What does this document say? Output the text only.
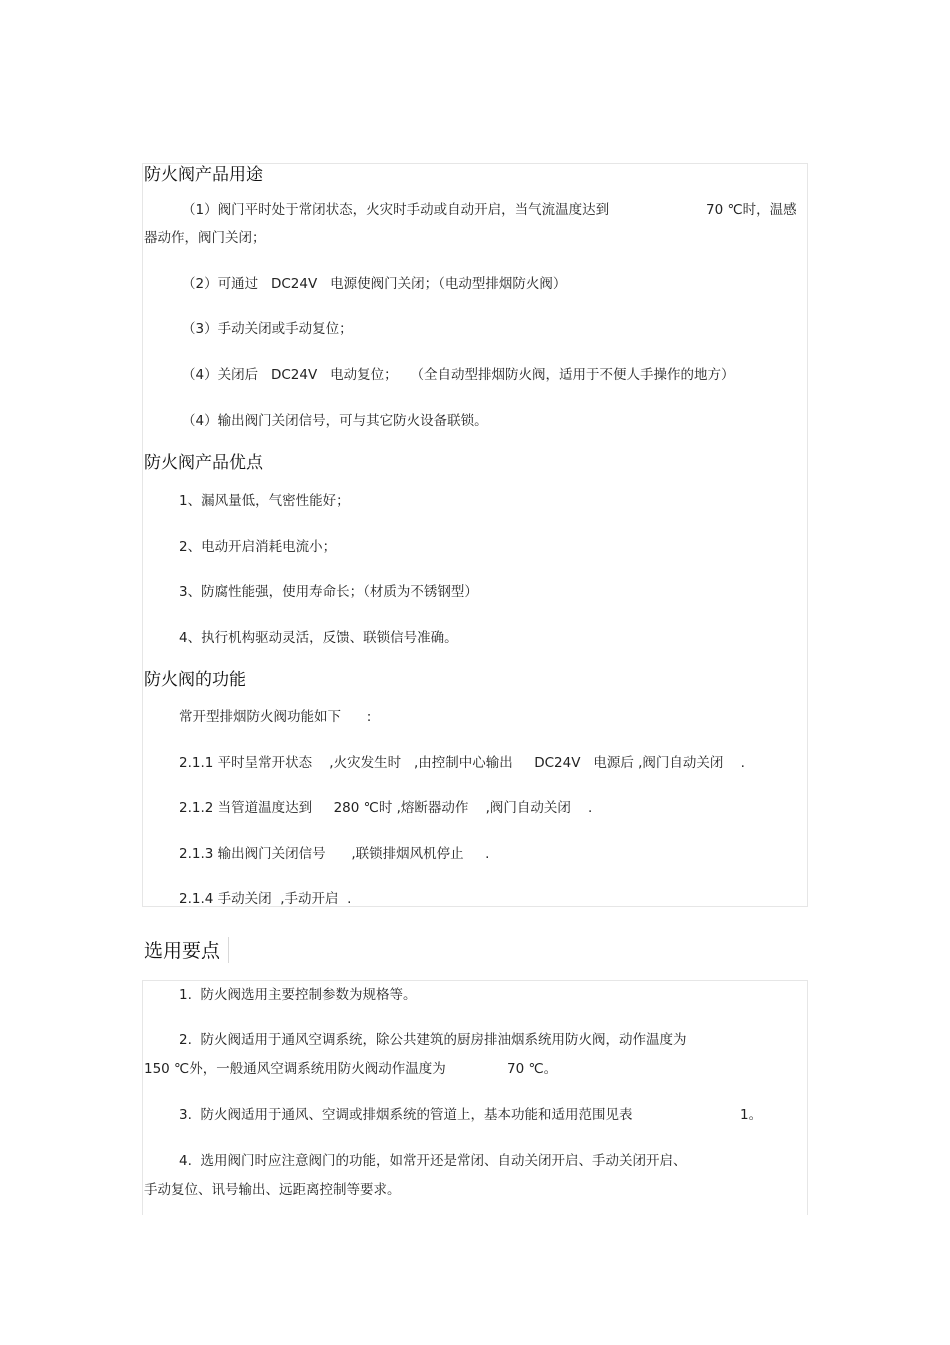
防火阀产品用途
（1）阀门平时处于常闭状态，火灾时手动或自动开启，当气流温度达到	70 ℃时，温感
器动作，阀门关闭；
（2）可通过   DC24V   电源使阀门关闭；（电动型排烟防火阀）
（3）手动关闭或手动复位；
（4）关闭后   DC24V   电动复位；   （全自动型排烟防火阀，适用于不便人手操作的地方）
（4）输出阀门关闭信号，可与其它防火设备联锁。
防火阀产品优点
1、漏风量低，气密性能好；
2、电动开启消耗电流小；
3、防腐性能强，使用寿命长；（材质为不锈钢型）
4、执行机构驱动灵活，反馈、联锁信号准确。
防火阀的功能
常开型排烟防火阀功能如下      :
2.1.1 平时呈常开状态    ,火灾发生时   ,由控制中心输出     DC24V   电源后 ,阀门自动关闭    .
2.1.2 当管道温度达到     280 ℃时 ,熔断器动作    ,阀门自动关闭    .
2.1.3 输出阀门关闭信号      ,联锁排烟风机停止     .
2.1.4 手动关闭  ,手动开启  .
选用要点
1.  防火阀选用主要控制参数为规格等。
2.  防火阀适用于通风空调系统，除公共建筑的厨房排油烟系统用防火阀，动作温度为
150 ℃外，一般通风空调系统用防火阀动作温度为	70 ℃。
3.  防火阀适用于通风、空调或排烟系统的管道上，基本功能和适用范围见表	1。
4.  选用阀门时应注意阀门的功能，如常开还是常闭、自动关闭开启、手动关闭开启、
手动复位、讯号输出、远距离控制等要求。
